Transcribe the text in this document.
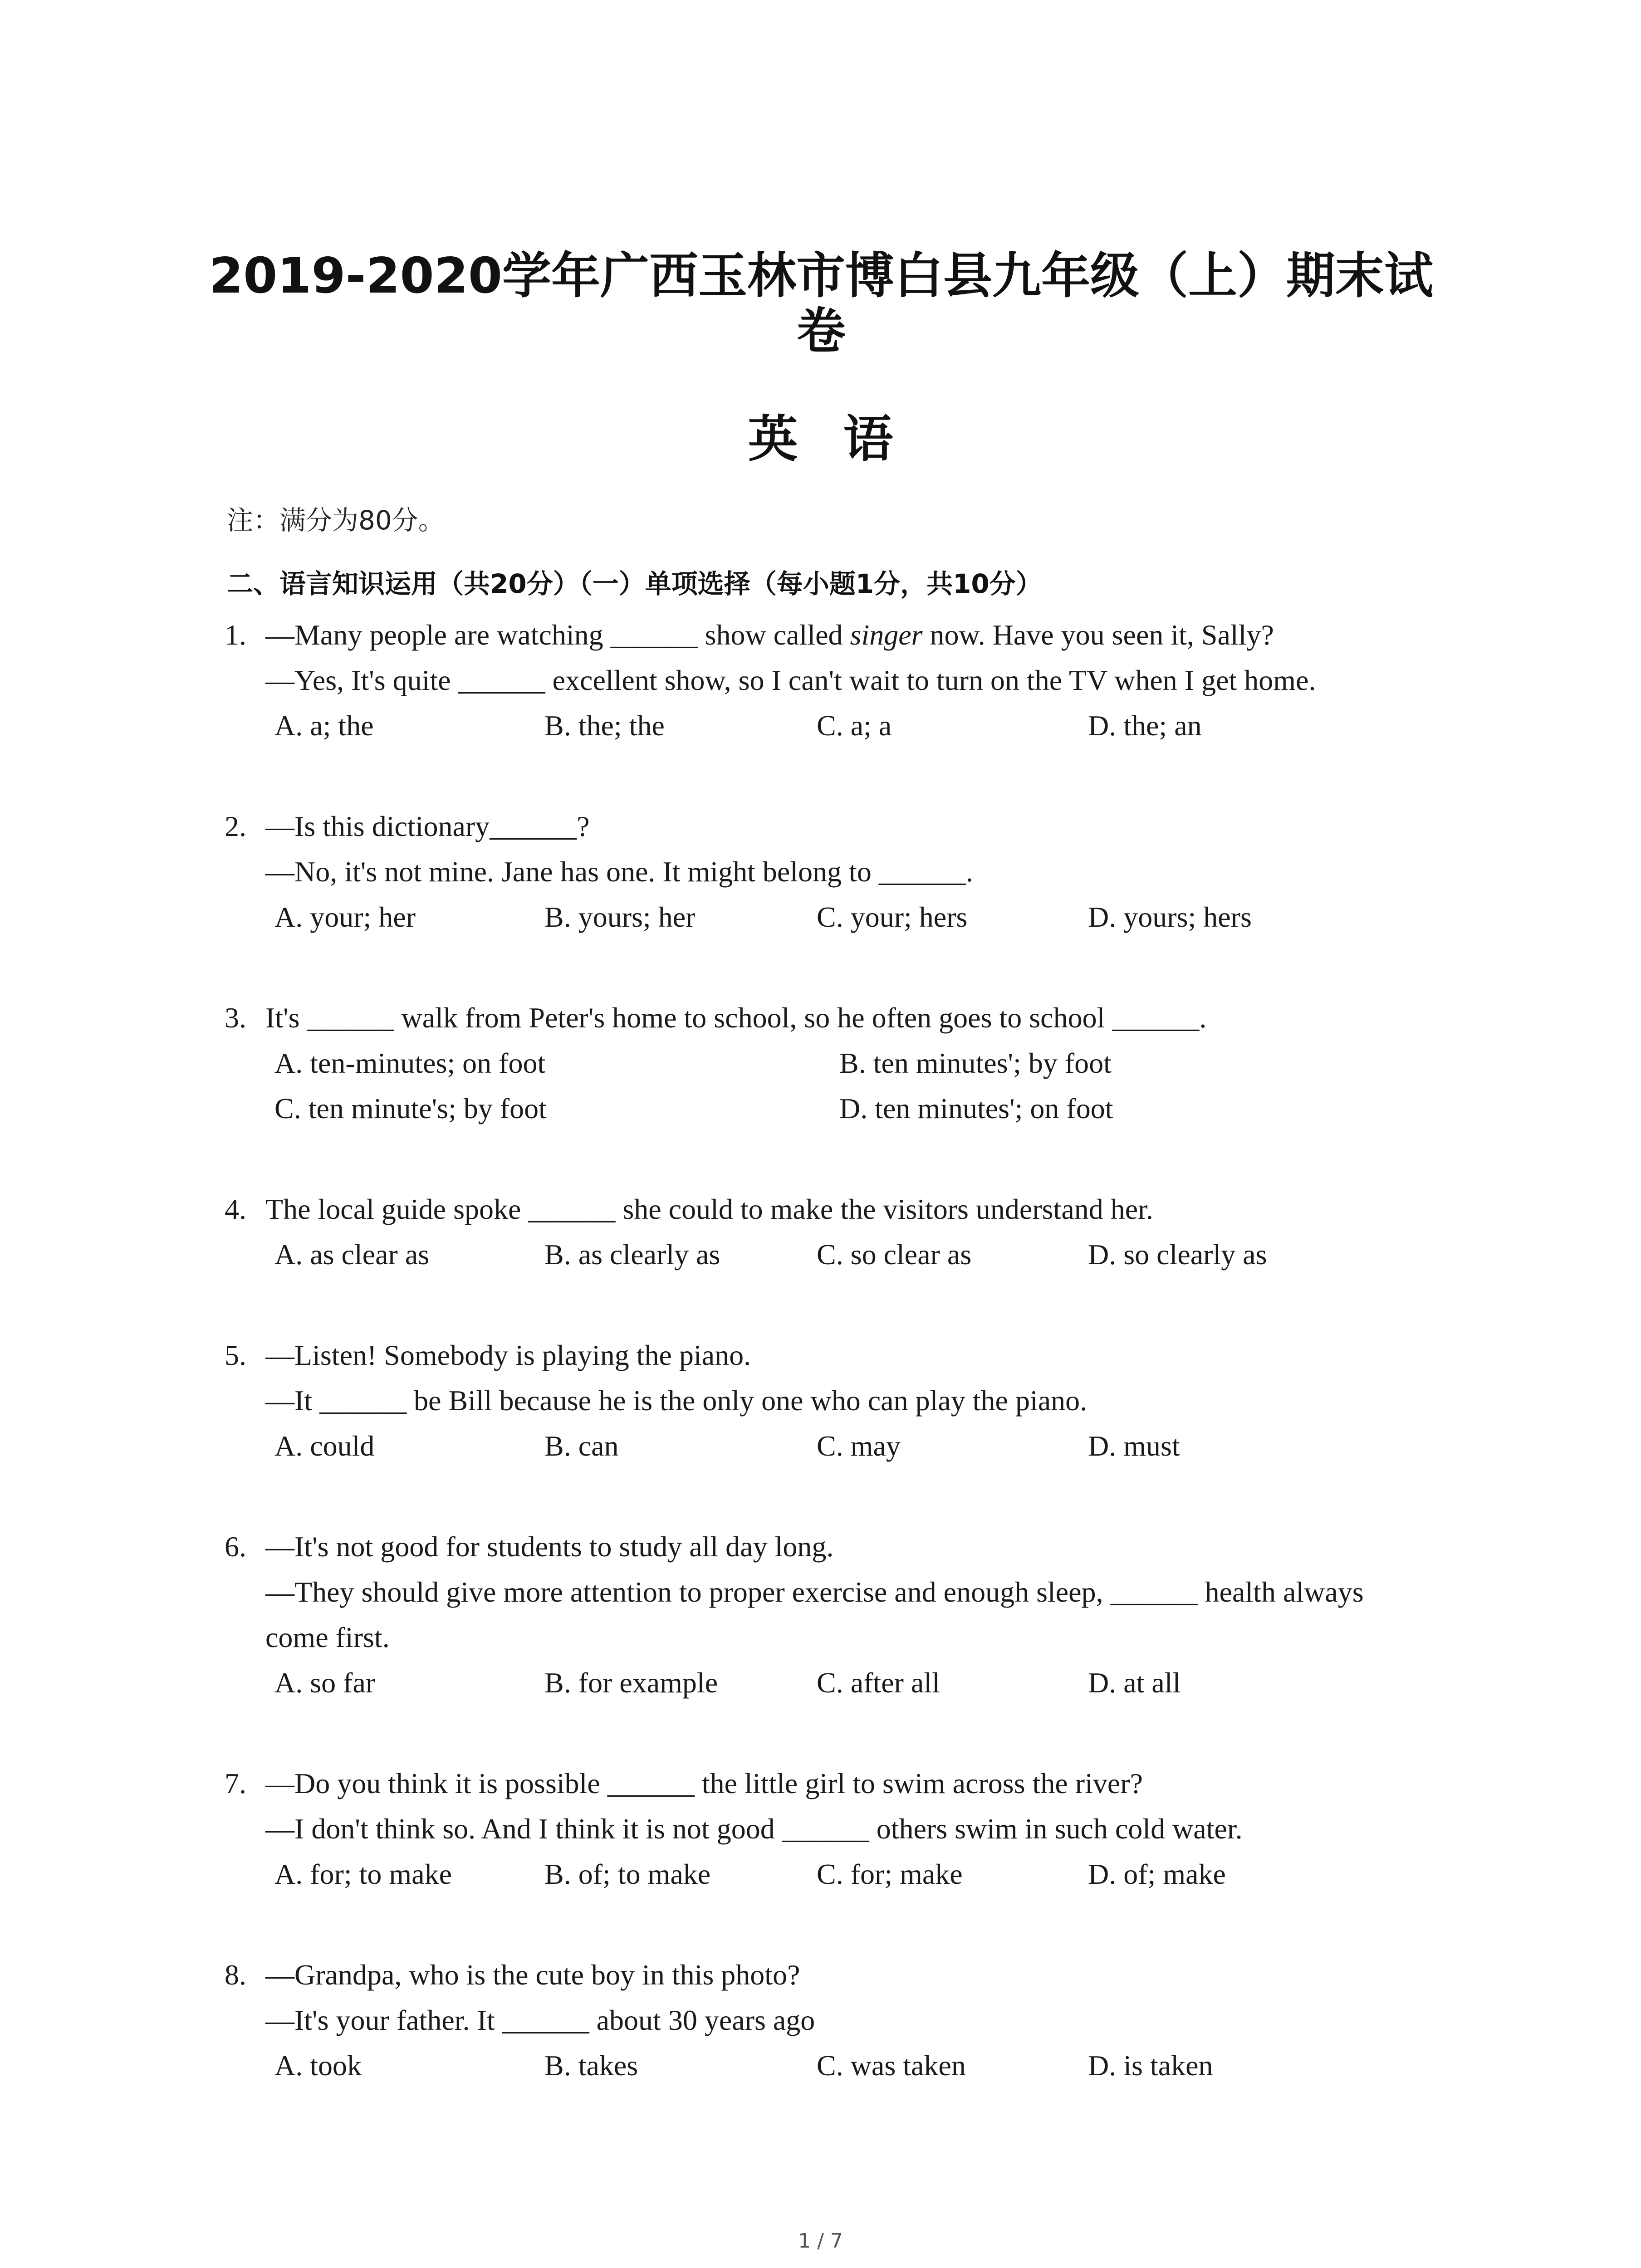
2019-2020学年广西玉林市博白县九年级（上）期末试卷
英语
注：满分为80分。
二、语言知识运用（共20分）（一）单项选择（每小题1分，共10分）
1. —Many people are watching ______ show called singer now. Have you seen it, Sally?
—Yes, It's quite ______ excellent show, so I can't wait to turn on the TV when I get home.
A. a; the	B. the; the	C. a; a	D. the; an
2. —Is this dictionary______?
—No, it's not mine. Jane has one. It might belong to ______.
A. your; her	B. yours; her	C. your; hers	D. yours; hers
3. It's ______ walk from Peter's home to school, so he often goes to school ______.
A. ten-minutes; on foot	B. ten minutes'; by foot
C. ten minute's; by foot	D. ten minutes'; on foot
4. The local guide spoke ______ she could to make the visitors understand her.
A. as clear as	B. as clearly as	C. so clear as	D. so clearly as
5. —Listen! Somebody is playing the piano.
—It ______ be Bill because he is the only one who can play the piano.
A. could	B. can	C. may	D. must
6. —It's not good for students to study all day long.
—They should give more attention to proper exercise and enough sleep, ______ health always
come first.
A. so far	B. for example	C. after all	D. at all
7. —Do you think it is possible ______ the little girl to swim across the river?
—I don't think so. And I think it is not good ______ others swim in such cold water.
A. for; to make	B. of; to make	C. for; make	D. of; make
8. —Grandpa, who is the cute boy in this photo?
—It's your father. It ______ about 30 years ago
A. took	B. takes	C. was taken	D. is taken
1 / 7
